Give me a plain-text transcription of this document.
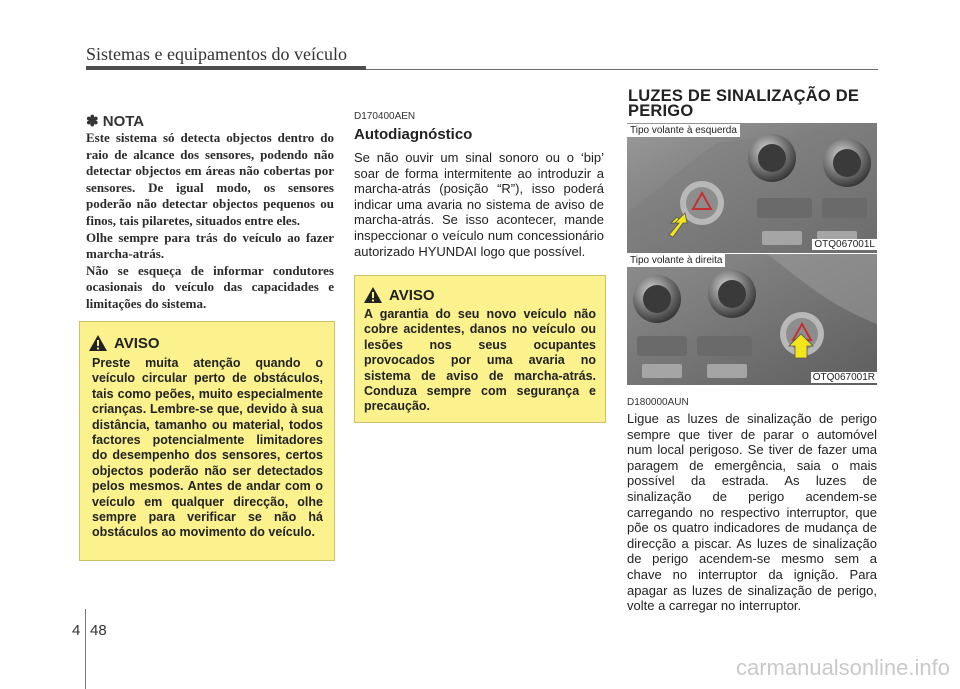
Sistemas e equipamentos do veículo
✽ NOTA

Este sistema só detecta objectos dentro do raio de alcance dos sensores, podendo não detectar objectos em áreas não cobertas por sensores. De igual modo, os sensores poderão não detectar objectos pequenos ou finos, tais pilaretes, situados entre eles.

Olhe sempre para trás do veículo ao fazer marcha-atrás.

Não se esqueça de informar condutores ocasionais do veículo das capacidades e limitações do sistema.

AVISO
Preste muita atenção quando o veículo circular perto de obstáculos, tais como peões, muito especialmente crianças. Lembre-se que, devido à sua distância, tamanho ou material, todos factores potencialmente limitadores do desempenho dos sensores, certos objectos poderão não ser detectados pelos mesmos. Antes de andar com o veículo em qualquer direcção, olhe sempre para verificar se não há obstáculos ao movimento do veículo.
D170400AEN
Autodiagnóstico
Se não ouvir um sinal sonoro ou o ‘bip’ soar de forma intermitente ao introduzir a marcha-atrás (posição “R”), isso poderá indicar uma avaria no sistema de aviso de marcha-atrás. Se isso acontecer, mande inspeccionar o veículo num concessionário autorizado HYUNDAI logo que possível.
AVISO
A garantia do seu novo veículo não cobre acidentes, danos no veículo ou lesões nos seus ocupantes provocados por uma avaria no sistema de aviso de marcha-atrás. Conduza sempre com segurança e precaução.
LUZES DE SINALIZAÇÃO DE PERIGO
Tipo volante à esquerda
OTQ067001L
Tipo volante à direita
OTQ067001R
D180000AUN
Ligue as luzes de sinalização de perigo sempre que tiver de parar o automóvel num local perigoso. Se tiver de fazer uma paragem de emergência, saia o mais possível da estrada. As luzes de sinalização de perigo acendem-se carregando no respectivo interruptor, que põe os quatro indicadores de mudança de direcção a piscar. As luzes de sinalização de perigo acendem-se mesmo sem a chave no interruptor da ignição. Para apagar as luzes de sinalização de perigo, volte a carregar no interruptor.
4 48
carmanualsonline.info
